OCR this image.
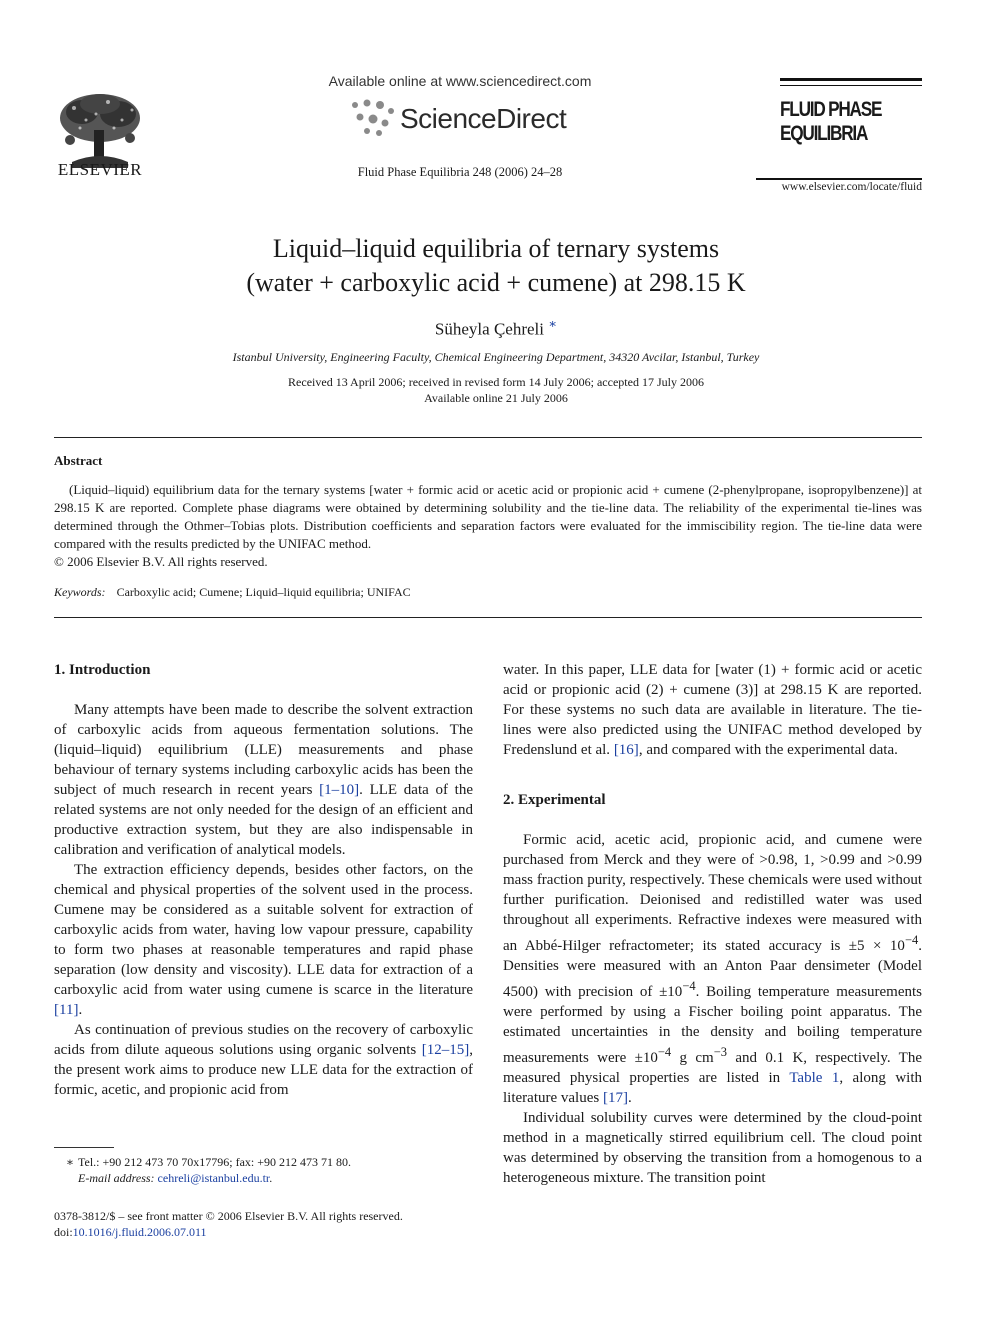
ELSEVIER
Available online at www.sciencedirect.com
ScienceDirect
Fluid Phase Equilibria 248 (2006) 24–28
FLUID PHASE
EQUILIBRIA
www.elsevier.com/locate/fluid
Liquid–liquid equilibria of ternary systems
(water + carboxylic acid + cumene) at 298.15 K
Süheyla Çehreli ∗
Istanbul University, Engineering Faculty, Chemical Engineering Department, 34320 Avcilar, Istanbul, Turkey
Received 13 April 2006; received in revised form 14 July 2006; accepted 17 July 2006
Available online 21 July 2006
Abstract

(Liquid–liquid) equilibrium data for the ternary systems [water + formic acid or acetic acid or propionic acid + cumene (2-phenylpropane, isopropylbenzene)] at 298.15 K are reported. Complete phase diagrams were obtained by determining solubility and the tie-line data. The reliability of the experimental tie-lines was determined through the Othmer–Tobias plots. Distribution coefficients and separation factors were evaluated for the immiscibility region. The tie-line data were compared with the results predicted by the UNIFAC method.

© 2006 Elsevier B.V. All rights reserved.
Keywords: Carboxylic acid; Cumene; Liquid–liquid equilibria; UNIFAC
1. Introduction

Many attempts have been made to describe the solvent extraction of carboxylic acids from aqueous fermentation solutions. The (liquid–liquid) equilibrium (LLE) measurements and phase behaviour of ternary systems including carboxylic acids has been the subject of much research in recent years [1–10]. LLE data of the related systems are not only needed for the design of an efficient and productive extraction system, but they are also indispensable in calibration and verification of analytical models.

The extraction efficiency depends, besides other factors, on the chemical and physical properties of the solvent used in the process. Cumene may be considered as a suitable solvent for extraction of carboxylic acids from water, having low vapour pressure, capability to form two phases at reasonable temperatures and rapid phase separation (low density and viscosity). LLE data for extraction of a carboxylic acid from water using cumene is scarce in the literature [11].

As continuation of previous studies on the recovery of carboxylic acids from dilute aqueous solutions using organic solvents [12–15], the present work aims to produce new LLE data for the extraction of formic, acetic, and propionic acid from

water. In this paper, LLE data for [water (1) + formic acid or acetic acid or propionic acid (2) + cumene (3)] at 298.15 K are reported. For these systems no such data are available in literature. The tie-lines were also predicted using the UNIFAC method developed by Fredenslund et al. [16], and compared with the experimental data.

2. Experimental

Formic acid, acetic acid, propionic acid, and cumene were purchased from Merck and they were of >0.98, 1, >0.99 and >0.99 mass fraction purity, respectively. These chemicals were used without further purification. Deionised and redistilled water was used throughout all experiments. Refractive indexes were measured with an Abbé-Hilger refractometer; its stated accuracy is $\pm 5 \times 10^{-4}$. Densities were measured with an Anton Paar densimeter (Model 4500) with precision of $\pm 10^{-4}$. Boiling temperature measurements were performed by using a Fischer boiling point apparatus. The estimated uncertainties in the density and boiling temperature measurements were $\pm 10^{-4}$ g $cm^{-3}$ and 0.1 K, respectively. The measured physical properties are listed in Table 1, along with literature values [17].

Individual solubility curves were determined by the cloud-point method in a magnetically stirred equilibrium cell. The cloud point was determined by observing the transition from a homogenous to a heterogeneous mixture. The transition point

∗ Tel.: +90 212 473 70 70x17796; fax: +90 212 473 71 80.
E-mail address: cehreli@istanbul.edu.tr.
0378-3812/$ – see front matter © 2006 Elsevier B.V. All rights reserved.
doi:10.1016/j.fluid.2006.07.011
